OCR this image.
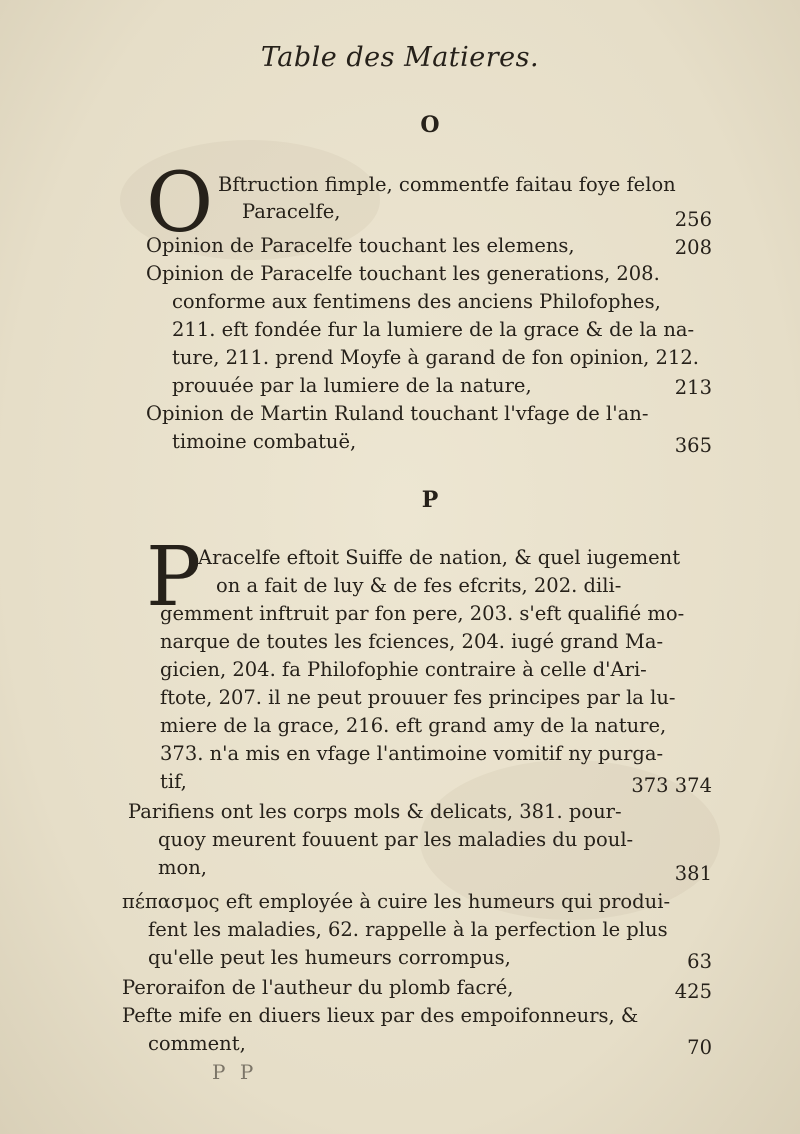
Table des Matieres.
O
O Bftruction fimple, commentfe faitau foye felon
Paracelfe,	256
Opinion de Paracelfe touchant les elemens,	208
Opinion de Paracelfe touchant les generations, 208.
conforme aux fentimens des anciens Philofophes,
211. eft fondée fur la lumiere de la grace & de la na-
ture, 211. prend Moyfe à garand de fon opinion, 212.
prouuée par la lumiere de la nature,	213
Opinion de Martin Ruland touchant l'vfage de l'an-
timoine combatuë,	365
P
P
Aracelfe eftoit Suiffe de nation, & quel iugement
on a fait de luy & de fes efcrits, 202. dili-
gemment inftruit par fon pere, 203. s'eft qualifié mo-
narque de toutes les fciences, 204. iugé grand Ma-
gicien, 204. fa Philofophie contraire à celle d'Ari-
ftote, 207. il ne peut prouuer fes principes par la lu-
miere de la grace, 216. eft grand amy de la nature,
373. n'a mis en vfage l'antimoine vomitif ny purga-
tif,	373 374
Parifiens ont les corps mols & delicats, 381. pour-
quoy meurent fouuent par les maladies du poul-
mon,	381
πέπασμος eft employée à cuire les humeurs qui produi-
fent les maladies, 62. rappelle à la perfection le plus
qu'elle peut les humeurs corrompus,	63
Peroraifon de l'autheur du plomb facré,	425
Pefte mife en diuers lieux par des empoifonneurs, &
comment,	70
P P
